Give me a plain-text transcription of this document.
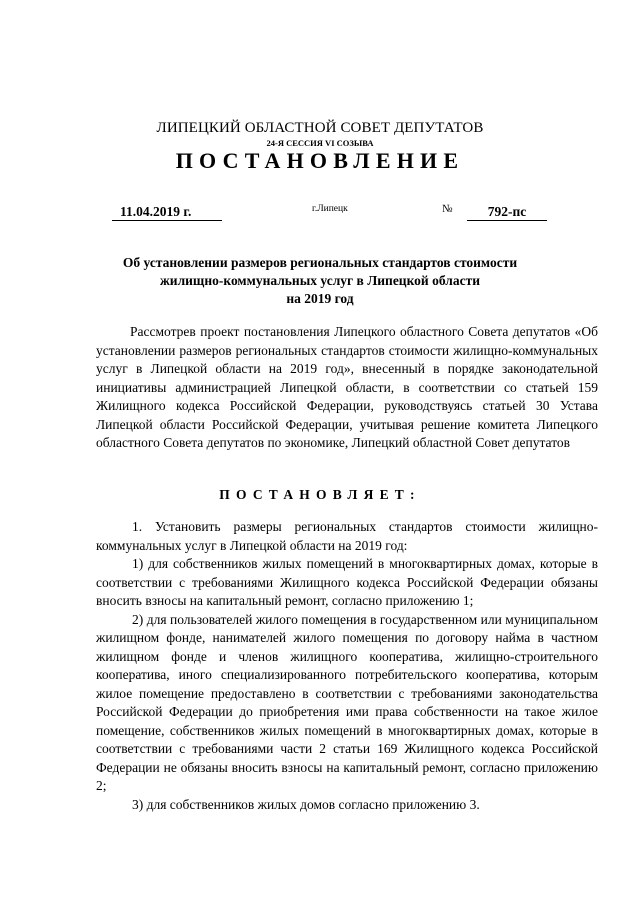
ЛИПЕЦКИЙ ОБЛАСТНОЙ СОВЕТ ДЕПУТАТОВ
24-Я СЕССИЯ VI СОЗЫВА
ПОСТАНОВЛЕНИЕ
11.04.2019 г.	г.Липецк	№	792-пс
Об установлении размеров региональных стандартов стоимости
жилищно-коммунальных услуг в Липецкой области
на 2019 год

Рассмотрев проект постановления Липецкого областного Совета депутатов «Об установлении размеров региональных стандартов стоимости жилищно-коммунальных услуг в Липецкой области на 2019 год», внесенный в порядке законодательной инициативы администрацией Липецкой области, в соответствии со статьей 159 Жилищного кодекса Российской Федерации, руководствуясь статьей 30 Устава Липецкой области Российской Федерации, учитывая решение комитета Липецкого областного Совета депутатов по экономике, Липецкий областной Совет депутатов

ПОСТАНОВЛЯЕТ:

1. Установить размеры региональных стандартов стоимости жилищно-коммунальных услуг в Липецкой области на 2019 год:

1) для собственников жилых помещений в многоквартирных домах, которые в соответствии с требованиями Жилищного кодекса Российской Федерации обязаны вносить взносы на капитальный ремонт, согласно приложению 1;

2) для пользователей жилого помещения в государственном или муниципальном жилищном фонде, нанимателей жилого помещения по договору найма в частном жилищном фонде и членов жилищного кооператива, жилищно-строительного кооператива, иного специализированного потребительского кооператива, которым жилое помещение предоставлено в соответствии с требованиями законодательства Российской Федерации до приобретения ими права собственности на такое жилое помещение, собственников жилых помещений в многоквартирных домах, которые в соответствии с требованиями части 2 статьи 169 Жилищного кодекса Российской Федерации не обязаны вносить взносы на капитальный ремонт, согласно приложению 2;

3) для собственников жилых домов согласно приложению 3.
